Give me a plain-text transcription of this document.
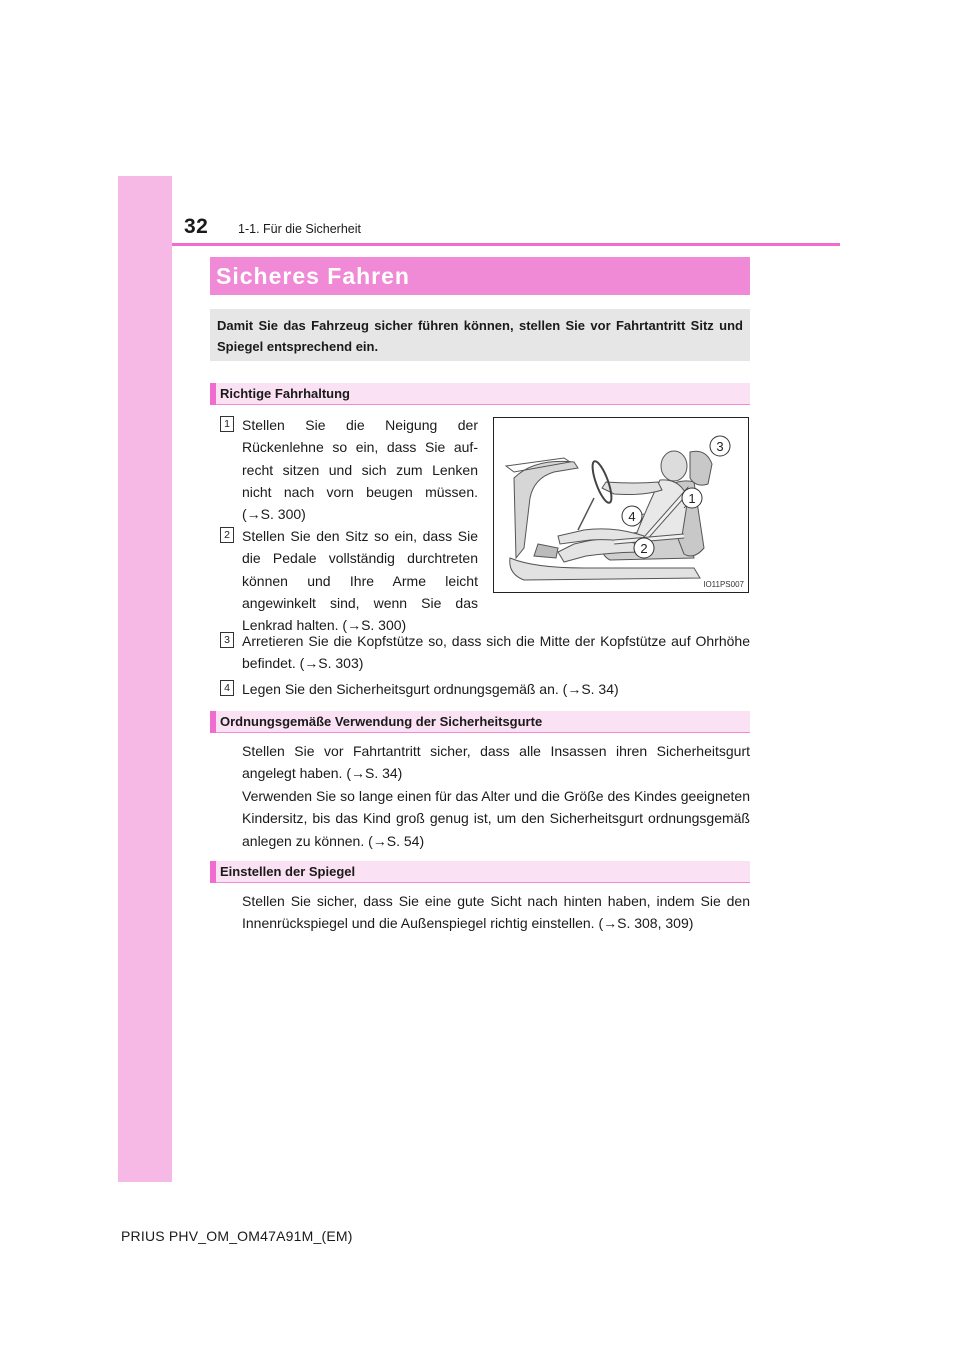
32 1-1. Für die Sicherheit
Sicheres Fahren
Damit Sie das Fahrzeug sicher führen können, stellen Sie vor Fahrtantritt Sitz und Spiegel entsprechend ein.
Richtige Fahrhaltung
1 Stellen Sie die Neigung der Rückenlehne so ein, dass Sie aufrecht sitzen und sich zum Lenken nicht nach vorn beugen müssen. (→S. 300)
2 Stellen Sie den Sitz so ein, dass Sie die Pedale vollständig durchtreten können und Ihre Arme leicht angewinkelt sind, wenn Sie das Lenkrad halten. (→S. 300)
3 Arretieren Sie die Kopfstütze so, dass sich die Mitte der Kopfstütze auf Ohrhöhe befindet. (→S. 303)
4 Legen Sie den Sicherheitsgurt ordnungsgemäß an. (→S. 34)
3
1
4
2
IO11PS007
Ordnungsgemäße Verwendung der Sicherheitsgurte
Stellen Sie vor Fahrtantritt sicher, dass alle Insassen ihren Sicherheitsgurt angelegt haben. (→S. 34)
Verwenden Sie so lange einen für das Alter und die Größe des Kindes geeigneten Kindersitz, bis das Kind groß genug ist, um den Sicherheitsgurt ordnungsgemäß anlegen zu können. (→S. 54)
Einstellen der Spiegel
Stellen Sie sicher, dass Sie eine gute Sicht nach hinten haben, indem Sie den Innenrückspiegel und die Außenspiegel richtig einstellen. (→S. 308, 309)
PRIUS PHV_OM_OM47A91M_(EM)
